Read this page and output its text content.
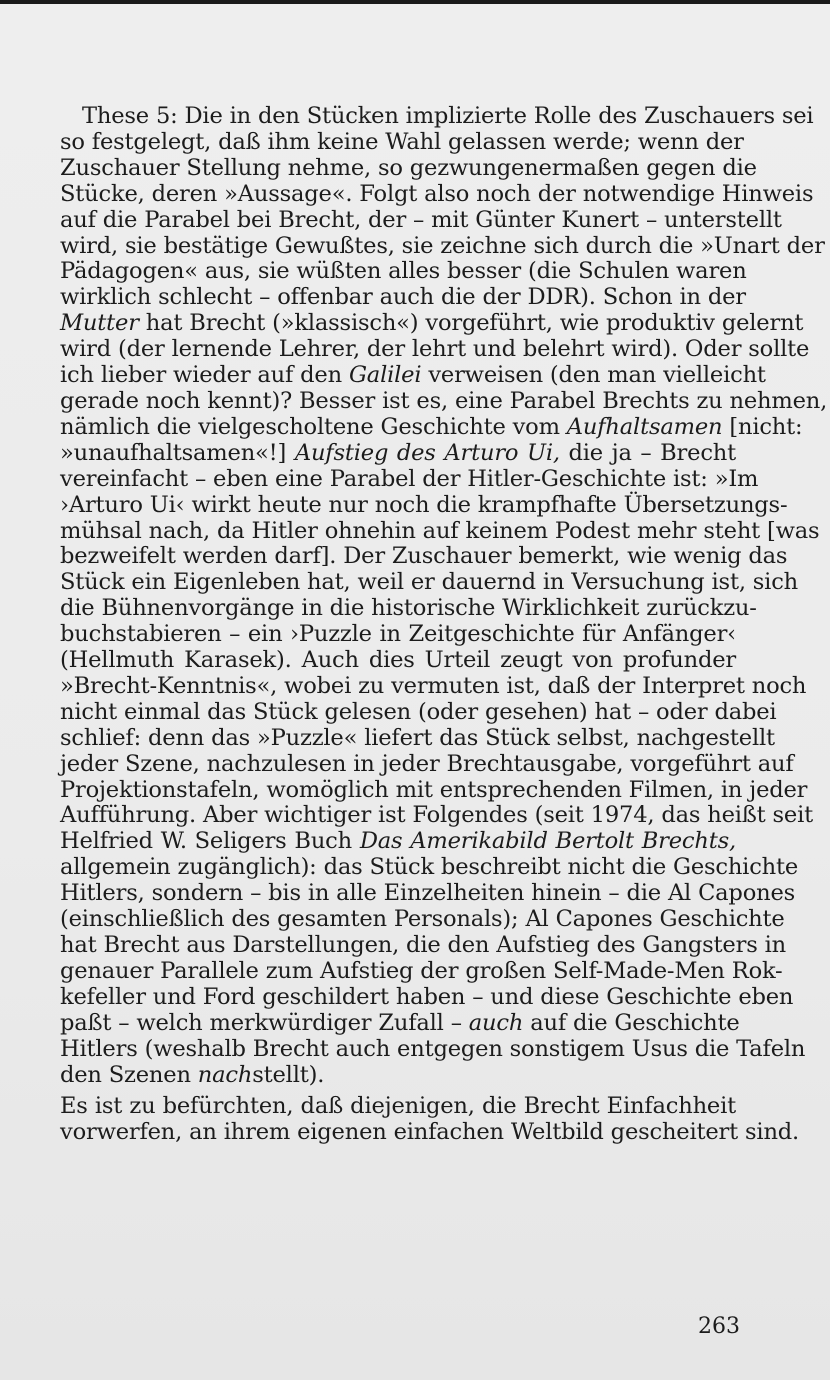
These 5: Die in den Stücken implizierte Rolle des Zuschauers sei
so festgelegt, daß ihm keine Wahl gelassen werde; wenn der
Zuschauer Stellung nehme, so gezwungenermaßen gegen die
Stücke, deren »Aussage«. Folgt also noch der notwendige Hinweis
auf die Parabel bei Brecht, der – mit Günter Kunert – unterstellt
wird, sie bestätige Gewußtes, sie zeichne sich durch die »Unart der
Pädagogen« aus, sie wüßten alles besser (die Schulen waren
wirklich schlecht – offenbar auch die der DDR). Schon in der
Mutter hat Brecht (»klassisch«) vorgeführt, wie produktiv gelernt
wird (der lernende Lehrer, der lehrt und belehrt wird). Oder sollte
ich lieber wieder auf den Galilei verweisen (den man vielleicht
gerade noch kennt)? Besser ist es, eine Parabel Brechts zu nehmen,
nämlich die vielgescholtene Geschichte vom Aufhaltsamen [nicht:
»unaufhaltsamen«!] Aufstieg des Arturo Ui, die ja – Brecht
vereinfacht – eben eine Parabel der Hitler-Geschichte ist: »Im
›Arturo Ui‹ wirkt heute nur noch die krampfhafte Übersetzungs-
mühsal nach, da Hitler ohnehin auf keinem Podest mehr steht [was
bezweifelt werden darf]. Der Zuschauer bemerkt, wie wenig das
Stück ein Eigenleben hat, weil er dauernd in Versuchung ist, sich
die Bühnenvorgänge in die historische Wirklichkeit zurückzu-
buchstabieren – ein ›Puzzle in Zeitgeschichte für Anfänger‹
(Hellmuth Karasek). Auch dies Urteil zeugt von profunder
»Brecht-Kenntnis«, wobei zu vermuten ist, daß der Interpret noch
nicht einmal das Stück gelesen (oder gesehen) hat – oder dabei
schlief: denn das »Puzzle« liefert das Stück selbst, nachgestellt
jeder Szene, nachzulesen in jeder Brechtausgabe, vorgeführt auf
Projektionstafeln, womöglich mit entsprechenden Filmen, in jeder
Aufführung. Aber wichtiger ist Folgendes (seit 1974, das heißt seit
Helfried W. Seligers Buch Das Amerikabild Bertolt Brechts,
allgemein zugänglich): das Stück beschreibt nicht die Geschichte
Hitlers, sondern – bis in alle Einzelheiten hinein – die Al Capones
(einschließlich des gesamten Personals); Al Capones Geschichte
hat Brecht aus Darstellungen, die den Aufstieg des Gangsters in
genauer Parallele zum Aufstieg der großen Self-Made-Men Rok-
kefeller und Ford geschildert haben – und diese Geschichte eben
paßt – welch merkwürdiger Zufall – auch auf die Geschichte
Hitlers (weshalb Brecht auch entgegen sonstigem Usus die Tafeln
den Szenen nachstellt).
Es ist zu befürchten, daß diejenigen, die Brecht Einfachheit
vorwerfen, an ihrem eigenen einfachen Weltbild gescheitert sind.
263
